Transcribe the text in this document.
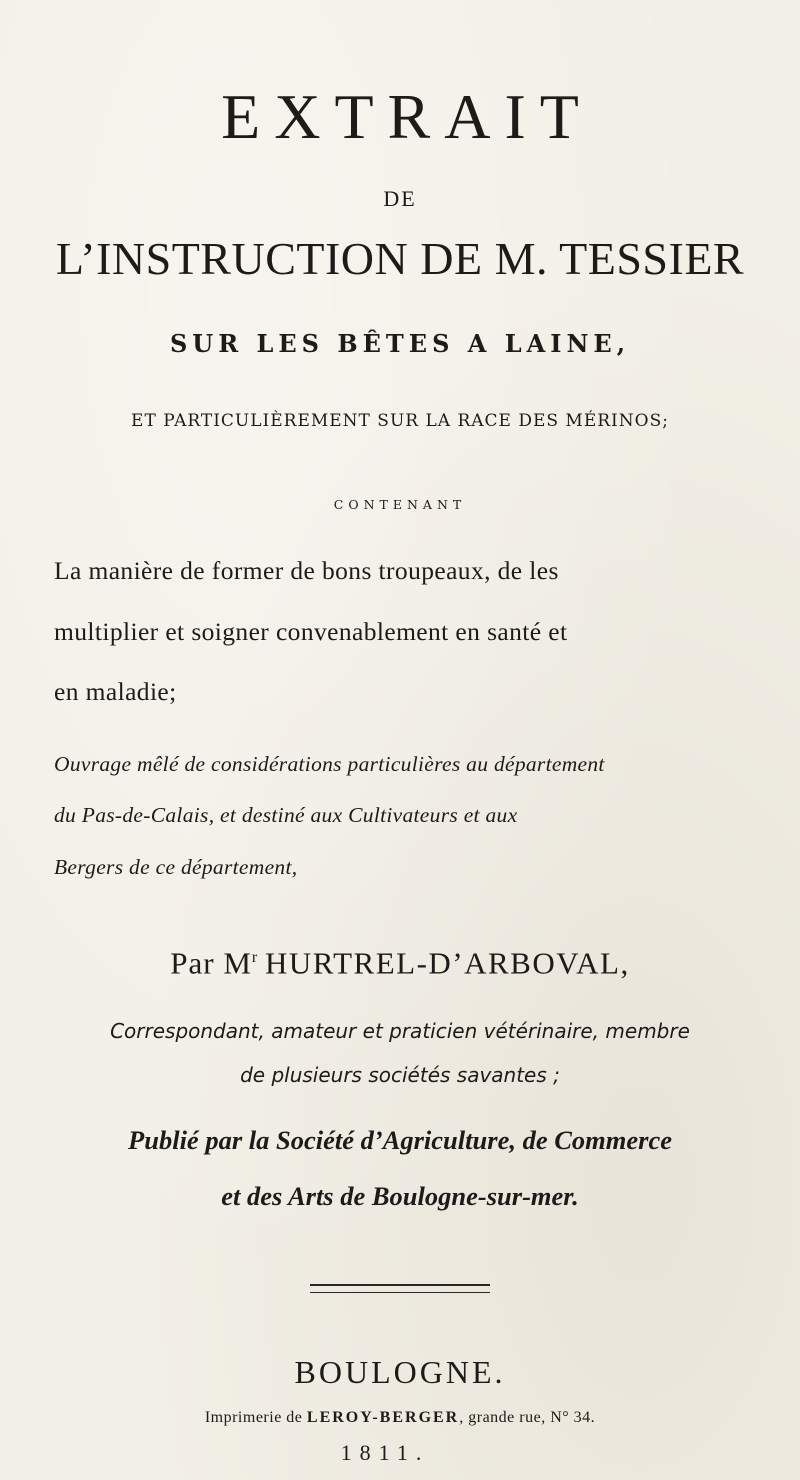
EXTRAIT
DE
L’INSTRUCTION DE M. TESSIER
SUR LES BÊTES A LAINE,
ET PARTICULIÈREMENT SUR LA RACE DES MÉRINOS;
CONTENANT
La manière de former de bons troupeaux, de les
multiplier et soigner convenablement en santé et
en maladie;
Ouvrage mêlé de considérations particulières au département
du Pas-de-Calais, et destiné aux Cultivateurs et aux
Bergers de ce département,
Par $M^r$ HURTREL-D’ARBOVAL,
Correspondant, amateur et praticien vétérinaire, membre
de plusieurs sociétés savantes ;
Publié par la Société d’Agriculture, de Commerce
et des Arts de Boulogne-sur-mer.
BOULOGNE.
Imprimerie de LEROY-BERGER, grande rue, N° 34.
1811.
